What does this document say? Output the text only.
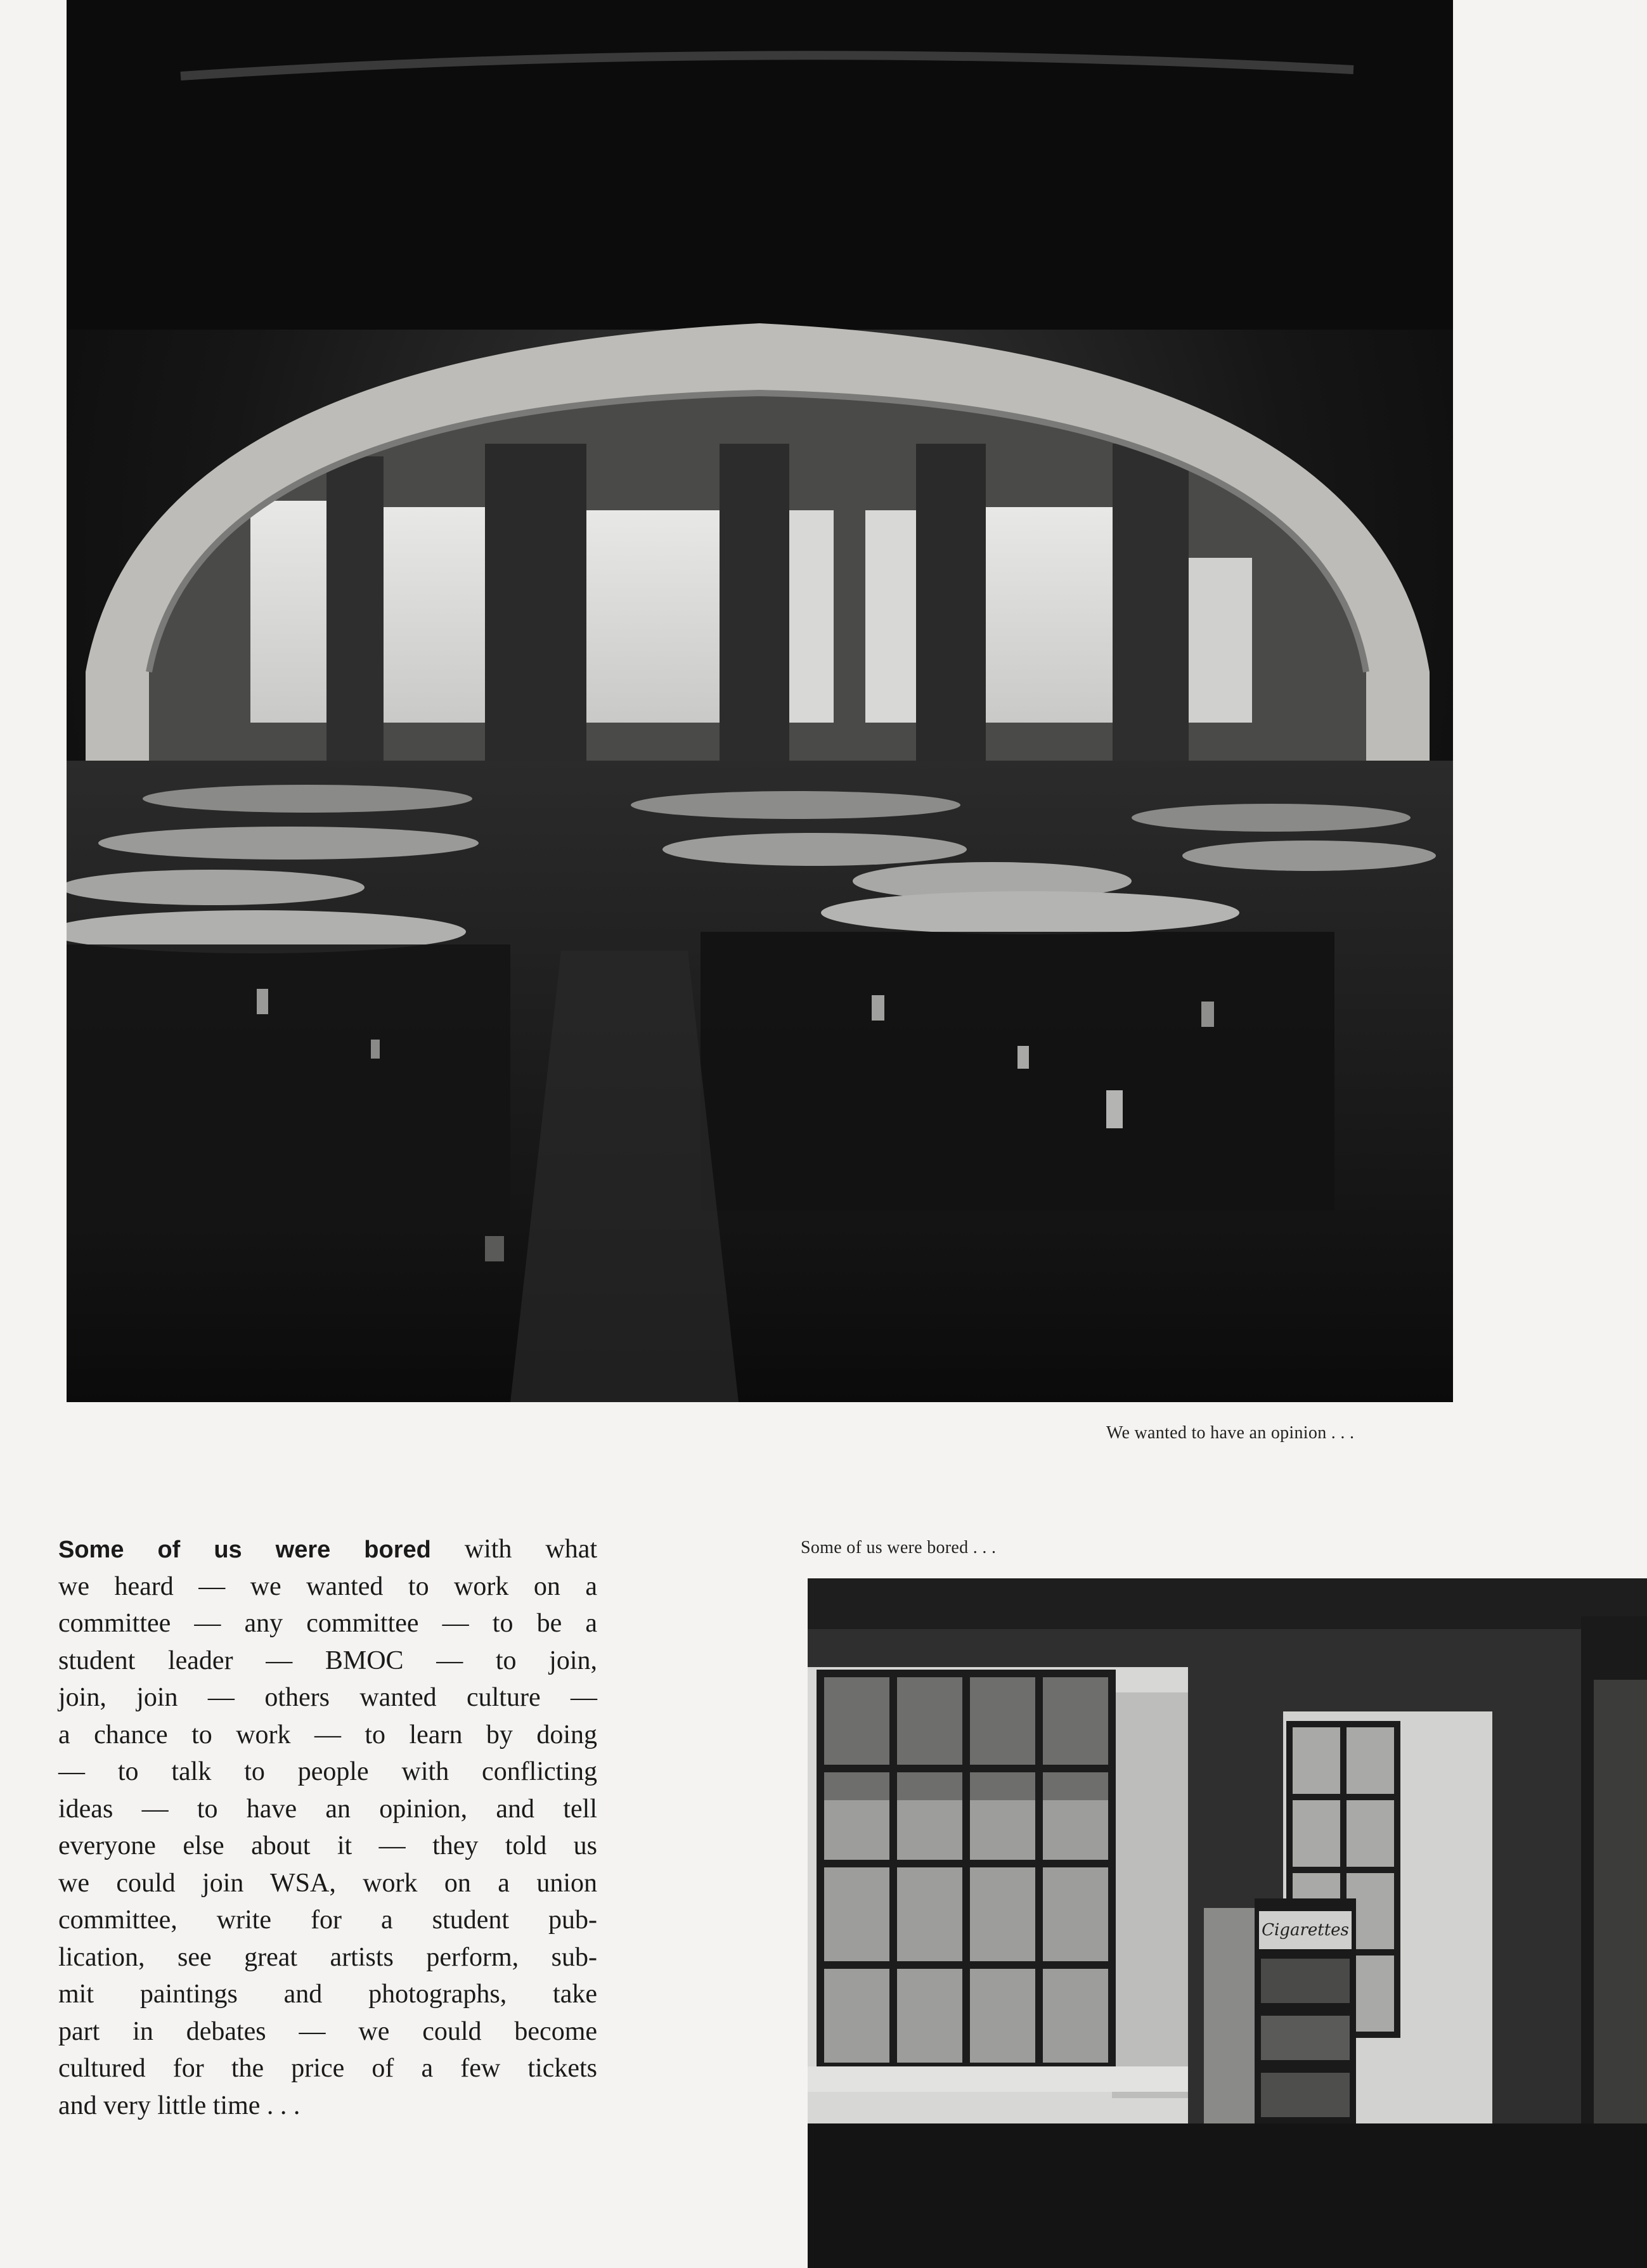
We wanted to have an opinion . . .
Some of us were bored . . .
Some of us were bored with what
we heard — we wanted to work on a
committee — any committee — to be a
student leader — BMOC — to join,
join, join — others wanted culture —
a chance to work — to learn by doing
— to talk to people with conflicting
ideas — to have an opinion, and tell
everyone else about it — they told us
we could join WSA, work on a union
committee, write for a student pub-
lication, see great artists perform, sub-
mit paintings and photographs, take
part in debates — we could become
cultured for the price of a few tickets
and very little time . . .
Cigarettes
